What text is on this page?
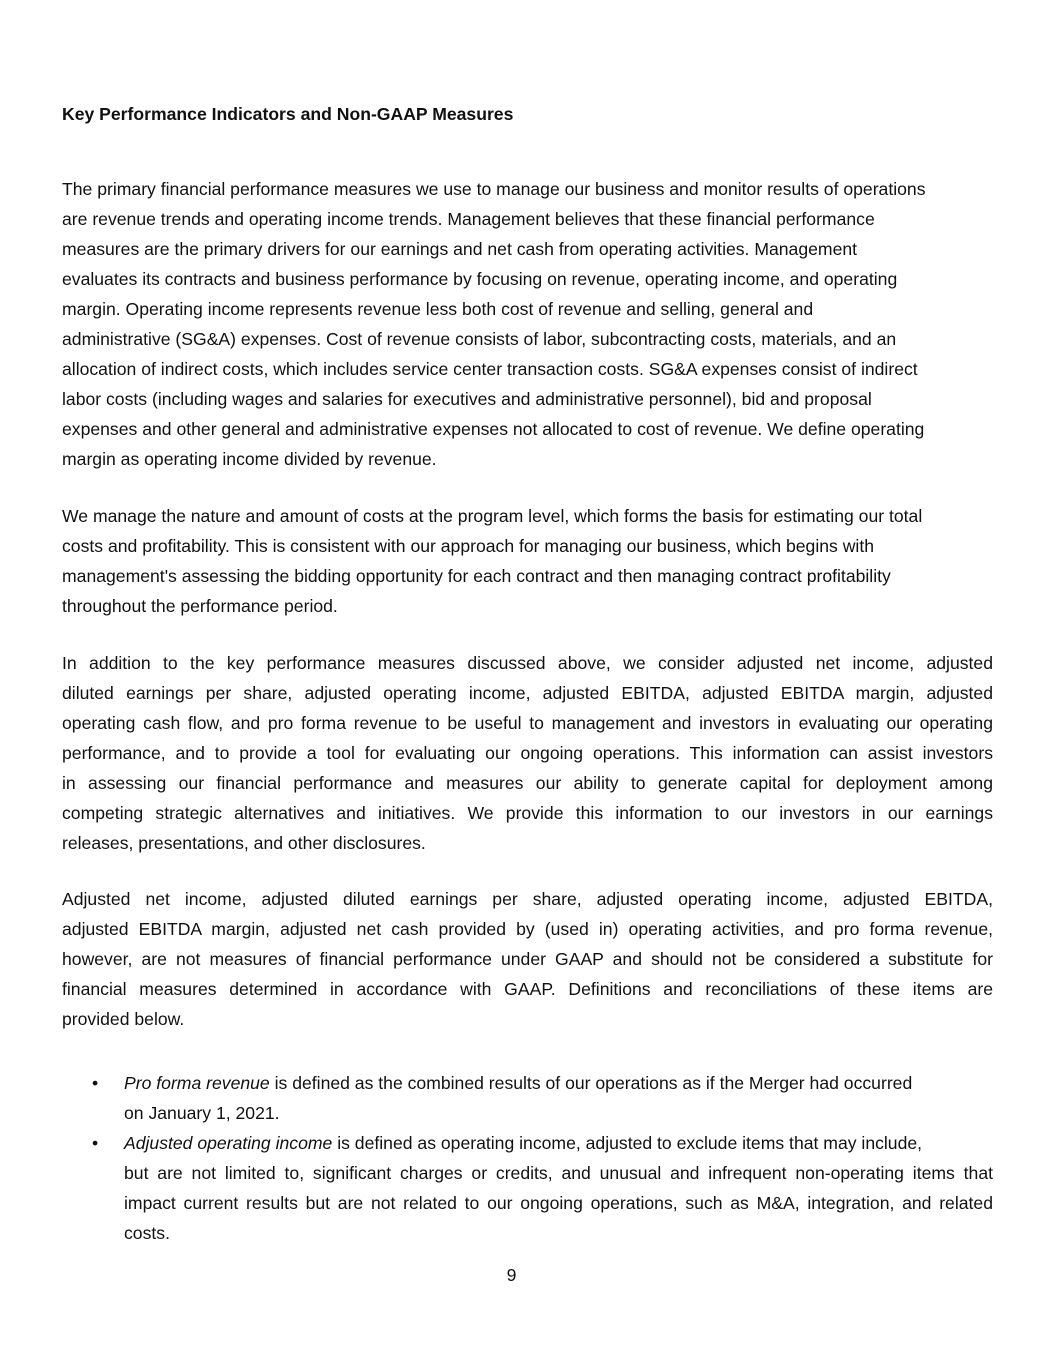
Key Performance Indicators and Non-GAAP Measures
The primary financial performance measures we use to manage our business and monitor results of operations
are revenue trends and operating income trends. Management believes that these financial performance
measures are the primary drivers for our earnings and net cash from operating activities. Management
evaluates its contracts and business performance by focusing on revenue, operating income, and operating
margin. Operating income represents revenue less both cost of revenue and selling, general and
administrative (SG&A) expenses. Cost of revenue consists of labor, subcontracting costs, materials, and an
allocation of indirect costs, which includes service center transaction costs. SG&A expenses consist of indirect
labor costs (including wages and salaries for executives and administrative personnel), bid and proposal
expenses and other general and administrative expenses not allocated to cost of revenue. We define operating
margin as operating income divided by revenue.
We manage the nature and amount of costs at the program level, which forms the basis for estimating our total
costs and profitability. This is consistent with our approach for managing our business, which begins with
management's assessing the bidding opportunity for each contract and then managing contract profitability
throughout the performance period.
In addition to the key performance measures discussed above, we consider adjusted net income, adjusted
diluted earnings per share, adjusted operating income, adjusted EBITDA, adjusted EBITDA margin, adjusted
operating cash flow, and pro forma revenue to be useful to management and investors in evaluating our operating
performance, and to provide a tool for evaluating our ongoing operations. This information can assist investors
in assessing our financial performance and measures our ability to generate capital for deployment among
competing strategic alternatives and initiatives. We provide this information to our investors in our earnings
releases, presentations, and other disclosures.
Adjusted net income, adjusted diluted earnings per share, adjusted operating income, adjusted EBITDA,
adjusted EBITDA margin, adjusted net cash provided by (used in) operating activities, and pro forma revenue,
however, are not measures of financial performance under GAAP and should not be considered a substitute for
financial measures determined in accordance with GAAP. Definitions and reconciliations of these items are
provided below.
• Pro forma revenue is defined as the combined results of our operations as if the Merger had occurred
on January 1, 2021.
• Adjusted operating income is defined as operating income, adjusted to exclude items that may include,
but are not limited to, significant charges or credits, and unusual and infrequent non-operating items that
impact current results but are not related to our ongoing operations, such as M&A, integration, and related
costs.
9
